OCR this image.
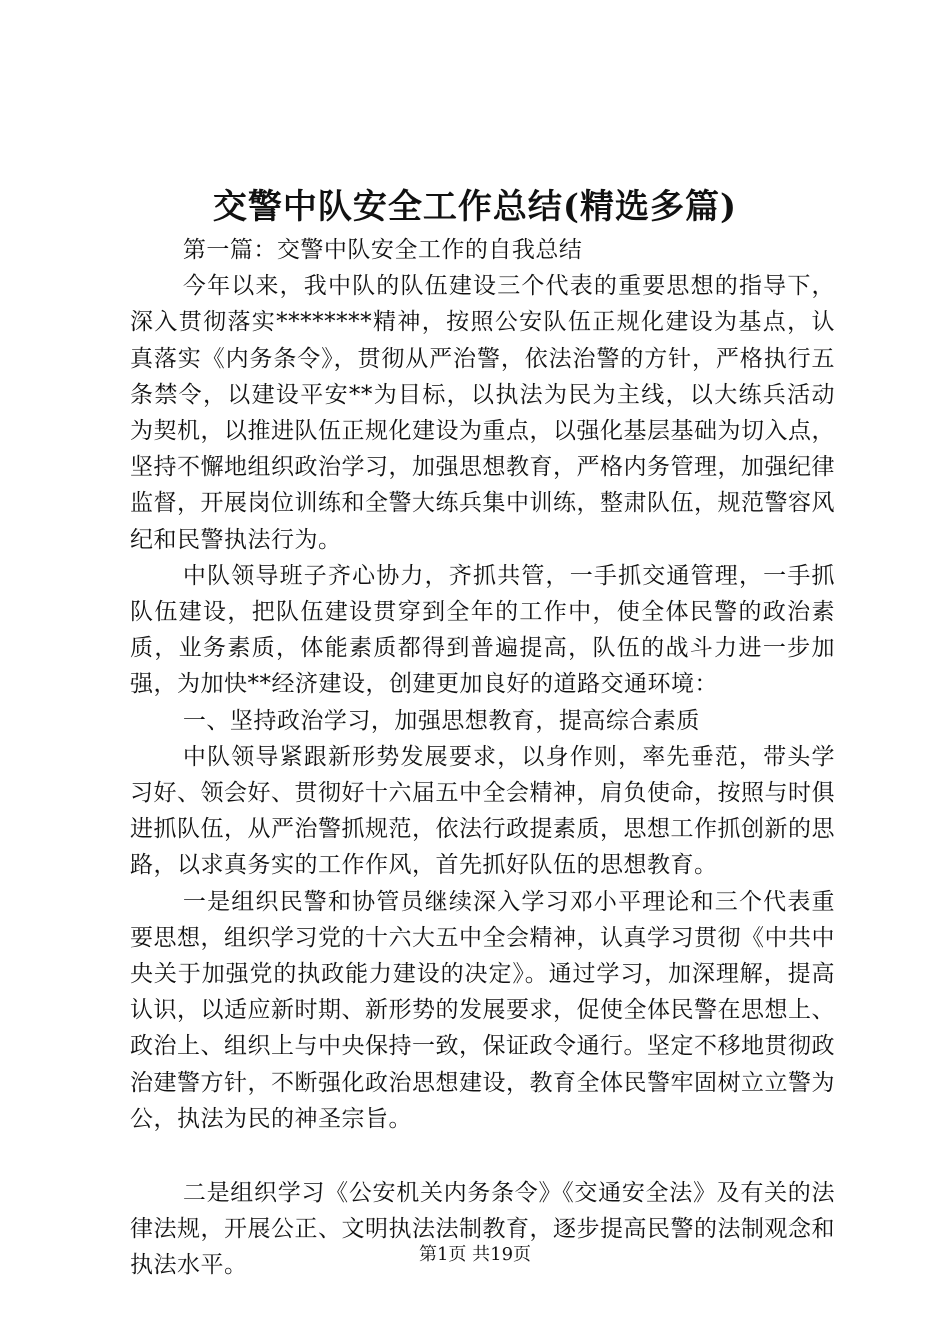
交警中队安全工作总结(精选多篇)

第一篇：交警中队安全工作的自我总结

今年以来，我中队的队伍建设三个代表的重要思想的指导下，深入贯彻落实********精神，按照公安队伍正规化建设为基点，认真落实《内务条令》，贯彻从严治警，依法治警的方针，严格执行五条禁令，以建设平安**为目标，以执法为民为主线，以大练兵活动为契机，以推进队伍正规化建设为重点，以强化基层基础为切入点，坚持不懈地组织政治学习，加强思想教育，严格内务管理，加强纪律监督，开展岗位训练和全警大练兵集中训练，整肃队伍，规范警容风纪和民警执法行为。

中队领导班子齐心协力，齐抓共管，一手抓交通管理，一手抓队伍建设，把队伍建设贯穿到全年的工作中，使全体民警的政治素质，业务素质，体能素质都得到普遍提高，队伍的战斗力进一步加强，为加快**经济建设，创建更加良好的道路交通环境：

一、坚持政治学习，加强思想教育，提高综合素质

中队领导紧跟新形势发展要求，以身作则，率先垂范，带头学习好、领会好、贯彻好十六届五中全会精神，肩负使命，按照与时俱进抓队伍，从严治警抓规范，依法行政提素质，思想工作抓创新的思路，以求真务实的工作作风，首先抓好队伍的思想教育。

一是组织民警和协管员继续深入学习邓小平理论和三个代表重要思想，组织学习党的十六大五中全会精神，认真学习贯彻《中共中央关于加强党的执政能力建设的决定》。通过学习，加深理解，提高认识，以适应新时期、新形势的发展要求，促使全体民警在思想上、政治上、组织上与中央保持一致，保证政令通行。坚定不移地贯彻政治建警方针，不断强化政治思想建设，教育全体民警牢固树立立警为公，执法为民的神圣宗旨。

二是组织学习《公安机关内务条令》《交通安全法》及有关的法律法规，开展公正、文明执法法制教育，逐步提高民警的法制观念和执法水平。	第1页 共19页
